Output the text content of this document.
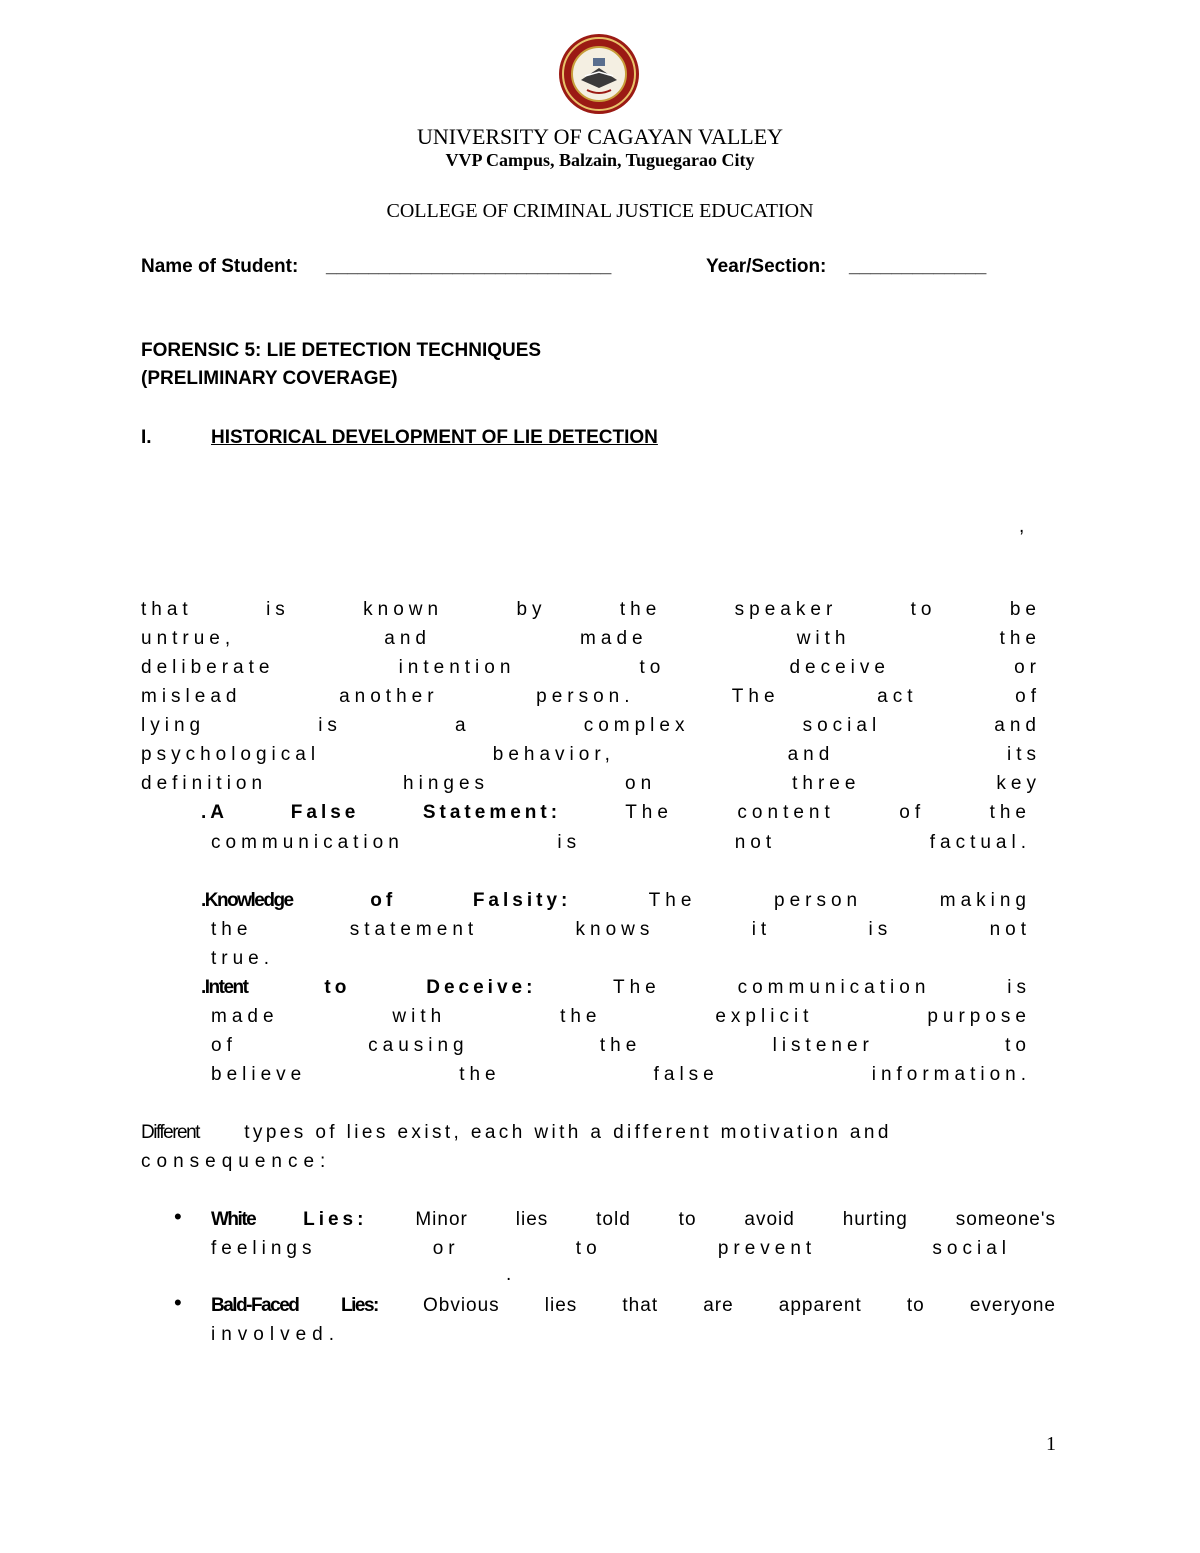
UNIVERSITY OF CAGAYAN VALLEY
VVP Campus, Balzain, Tuguegarao City
COLLEGE OF CRIMINAL JUSTICE EDUCATION
Name of Student: ___________________________	Year/Section: _____________
FORENSIC 5: LIE DETECTION TECHNIQUES
(PRELIMINARY COVERAGE)
I.	HISTORICAL DEVELOPMENT OF LIE DETECTION
,
that is known by the speaker to be
untrue, and made with the
deliberate intention to deceive or
mislead another person. The act of
lying is a complex social and
psychological behavior, and its
definition hinges on three key
.A False Statement:	The content of the
communication is not factual.
.Knowledge	of Falsity:	The person making
the statement knows it is not
true.
.Intent	to Deceive:	The communication is
made with the explicit purpose
of causing the listener to
believe the false information.
Different types of lies exist, each with a different motivation and
consequence:
• White	Lies:	Minor lies told to avoid hurting someone's
feelings or to prevent social
.
• Bald-Faced Lies: Obvious lies that are apparent to everyone
involved.
1
